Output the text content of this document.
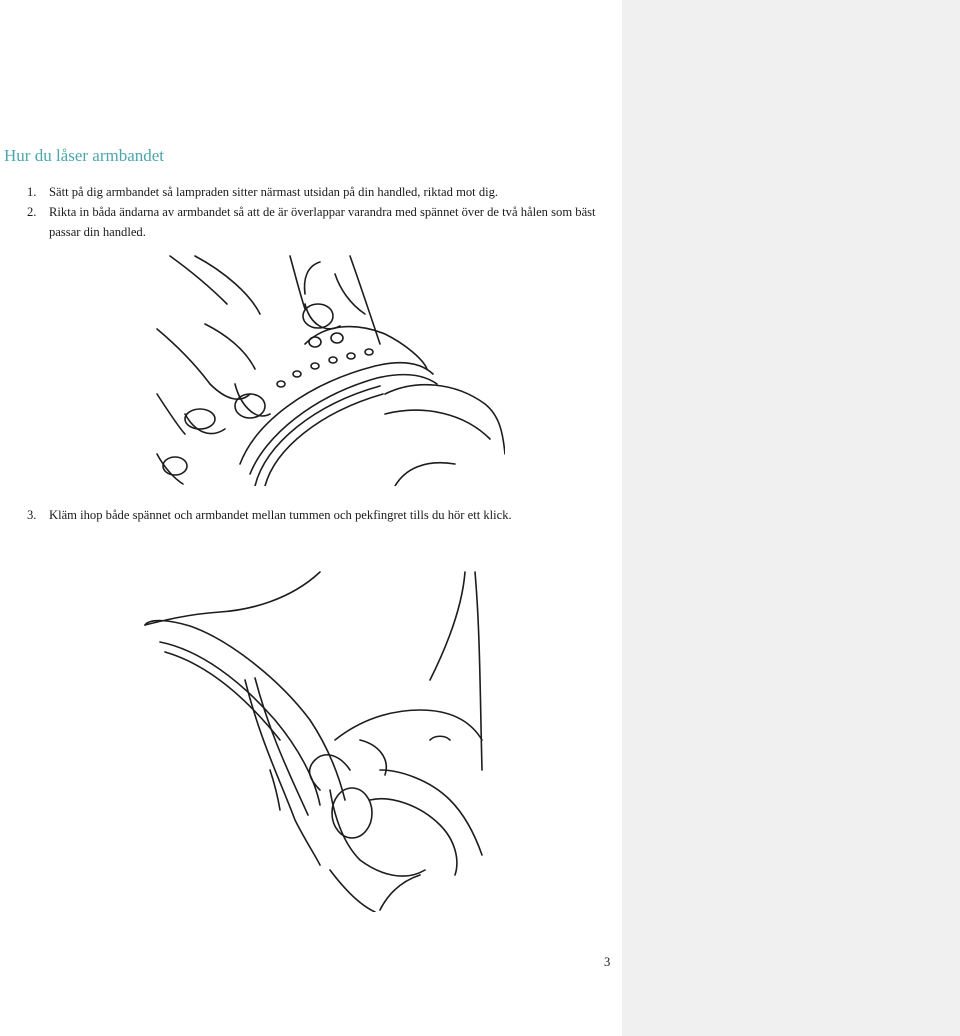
Hur du låser armbandet
1. Sätt på dig armbandet så lampraden sitter närmast utsidan på din handled, riktad mot dig.
2. Rikta in båda ändarna av armbandet så att de är överlappar varandra med spännet över de två hålen som bäst passar din handled.
3. Kläm ihop både spännet och armbandet mellan tummen och pekfingret tills du hör ett klick.
3
